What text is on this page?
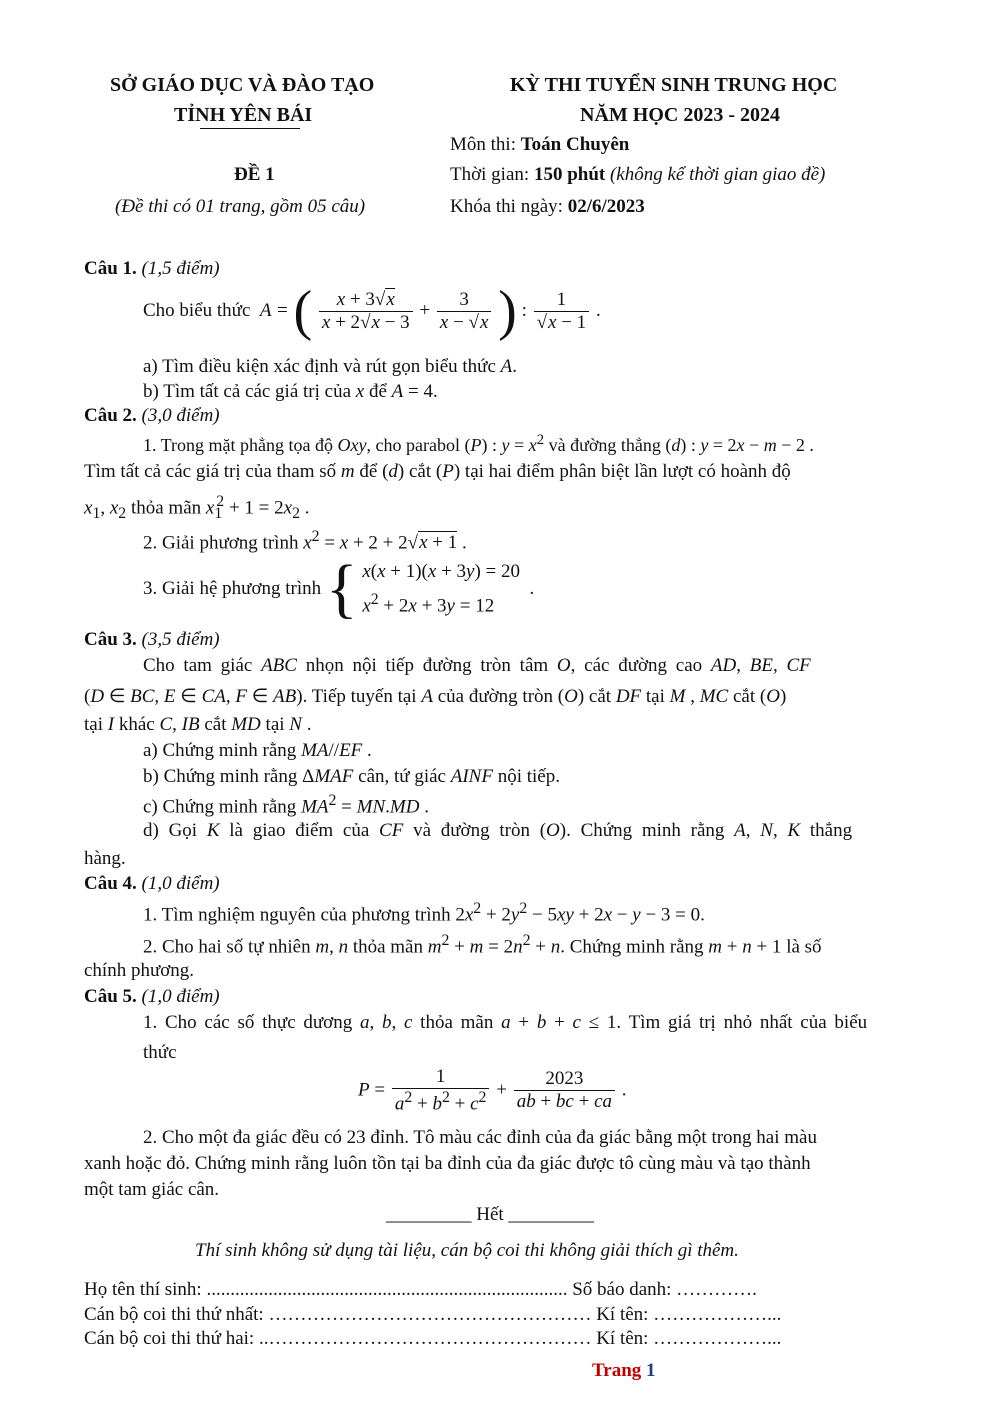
SỞ GIÁO DỤC VÀ ĐÀO TẠO
TỈNH YÊN BÁI
KỲ THI TUYỂN SINH TRUNG HỌC
NĂM HỌC 2023 - 2024
Môn thi: Toán Chuyên
ĐỀ 1	Thời gian: 150 phút (không kể thời gian giao đề)
(Đề thi có 01 trang, gồm 05 câu)	Khóa thi ngày: 02/6/2023
Câu 1. (1,5 điểm)
Cho biểu thức  A = ( $\frac{x + 3√x}{x + 2√x - 3} + \frac{3}{x - √x}$ ) : $\frac{1}{√x - 1}$ .
a) Tìm điều kiện xác định và rút gọn biểu thức A.
b) Tìm tất cả các giá trị của x để A = 4.
Câu 2. (3,0 điểm)
1. Trong mặt phẳng tọa độ Oxy, cho parabol (P) : $y = x^2$ và đường thẳng (d) : y = 2x − m − 2 .
Tìm tất cả các giá trị của tham số m để (d) cắt (P) tại hai điểm phân biệt lần lượt có hoành độ
$x_1$, $x_2$ thỏa mãn $x_1^2 + 1 = 2x_2$ .
2. Giải phương trình $x^2 = x + 2 + 2√x + 1$ .
3. Giải hệ phương trình { x(x + 1)(x + 3y) = 20
$x^2 + 2x + 3y = 12$
.
Câu 3. (3,5 điểm)
Cho tam giác ABC nhọn nội tiếp đường tròn tâm O, các đường cao AD, BE, CF
(D ∈ BC, E ∈ CA, F ∈ AB). Tiếp tuyến tại A của đường tròn (O) cắt DF tại M , MC cắt (O)
tại I khác C, IB cắt MD tại N .
a) Chứng minh rằng MA//EF .
b) Chứng minh rằng ΔMAF cân, tứ giác AINF nội tiếp.
c) Chứng minh rằng $MA^2 = MN.MD$ .
d) Gọi K là giao điểm của CF và đường tròn (O). Chứng minh rằng A, N, K thẳng
hàng.
Câu 4. (1,0 điểm)
1. Tìm nghiệm nguyên của phương trình $2x^2 + 2y^2 - 5xy + 2x - y - 3 = 0$.
2. Cho hai số tự nhiên m, n thỏa mãn $m^2 + m = 2n^2 + n$. Chứng minh rằng m + n + 1 là số
chính phương.
Câu 5. (1,0 điểm)
1. Cho các số thực dương a, b, c thỏa mãn a + b + c ≤ 1. Tìm giá trị nhỏ nhất của biểu
thức
$P = \frac{1}{a^2 + b^2 + c^2} + \frac{2023}{ab + bc + ca}$ .
2. Cho một đa giác đều có 23 đỉnh. Tô màu các đỉnh của đa giác bằng một trong hai màu
xanh hoặc đỏ. Chứng minh rằng luôn tồn tại ba đỉnh của đa giác được tô cùng màu và tạo thành
một tam giác cân.
_________ Hết _________
Thí sinh không sử dụng tài liệu, cán bộ coi thi không giải thích gì thêm.
Họ tên thí sinh: ............................................................................ Số báo danh: ………….
Cán bộ coi thi thứ nhất: …………………………………………… Kí tên: ………………...
Cán bộ coi thi thứ hai: ..…………………………………………… Kí tên: ………………...
Trang 1
